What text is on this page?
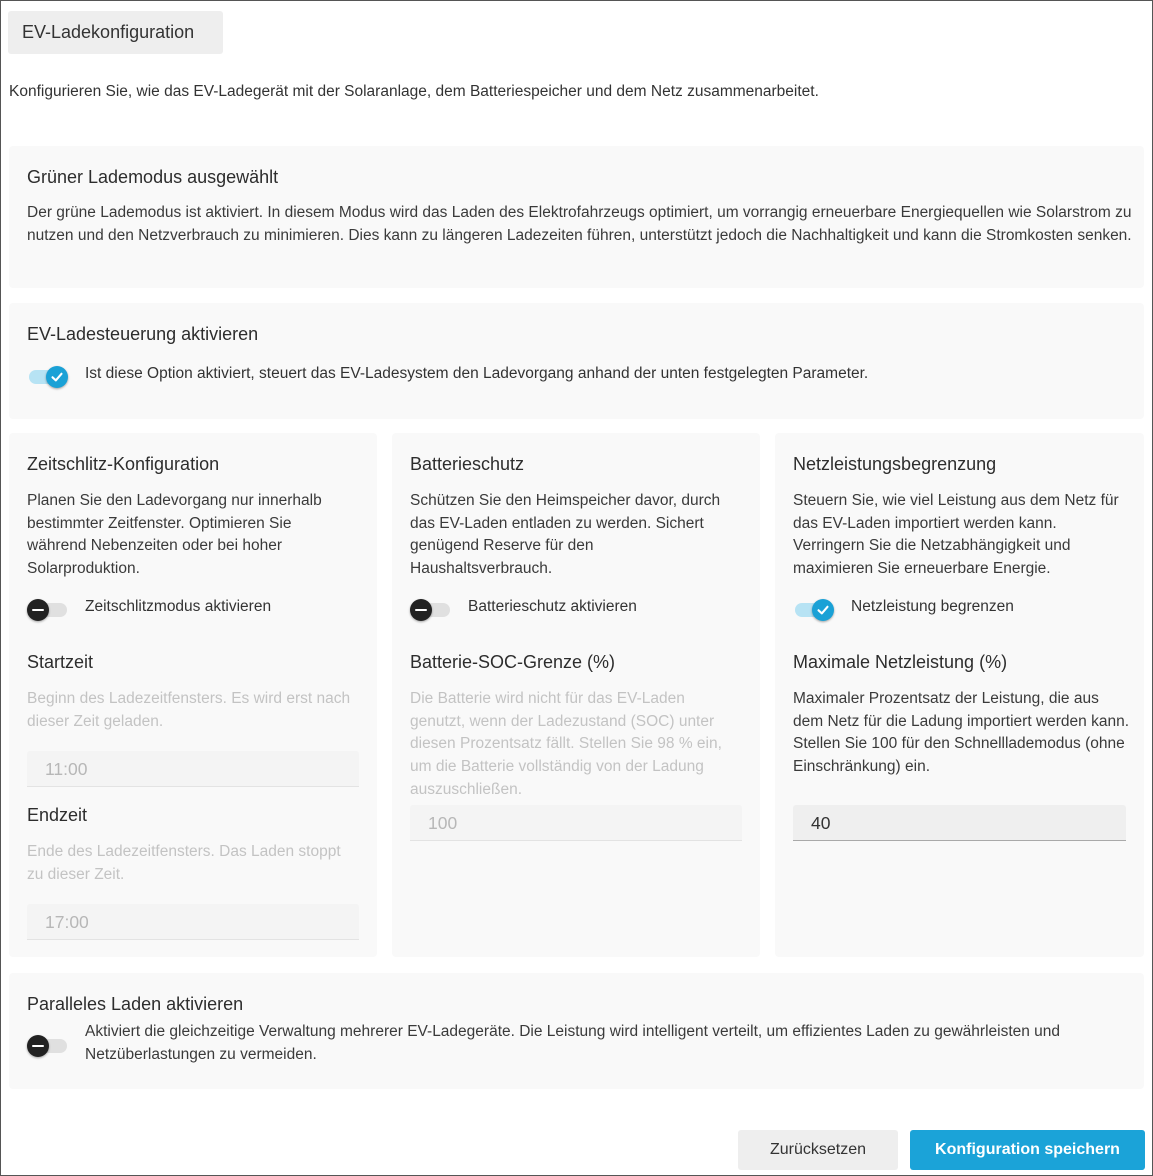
EV-Ladekonfiguration
Konfigurieren Sie, wie das EV-Ladegerät mit der Solaranlage, dem Batteriespeicher und dem Netz zusammenarbeitet.
Grüner Lademodus ausgewählt

Der grüne Lademodus ist aktiviert. In diesem Modus wird das Laden des Elektrofahrzeugs optimiert, um vorrangig erneuerbare Energiequellen wie Solarstrom zu nutzen und den Netzverbrauch zu minimieren. Dies kann zu längeren Ladezeiten führen, unterstützt jedoch die Nachhaltigkeit und kann die Stromkosten senken.

EV-Ladesteuerung aktivieren
Ist diese Option aktiviert, steuert das EV-Ladesystem den Ladevorgang anhand der unten festgelegten Parameter.
Zeitschlitz-Konfiguration

Planen Sie den Ladevorgang nur innerhalb bestimmter Zeitfenster. Optimieren Sie während Nebenzeiten oder bei hoher Solarproduktion.

Zeitschlitzmodus aktivieren
Startzeit

Beginn des Ladezeitfensters. Es wird erst nach dieser Zeit geladen.

11:00
Endzeit

Ende des Ladezeitfensters. Das Laden stoppt zu dieser Zeit.

17:00
Batterieschutz

Schützen Sie den Heimspeicher davor, durch das EV-Laden entladen zu werden. Sichert genügend Reserve für den Haushaltsverbrauch.

Batterieschutz aktivieren
Batterie-SOC-Grenze (%)

Die Batterie wird nicht für das EV-Laden genutzt, wenn der Ladezustand (SOC) unter diesen Prozentsatz fällt. Stellen Sie 98 % ein, um die Batterie vollständig von der Ladung auszuschließen.

100
Netzleistungsbegrenzung

Steuern Sie, wie viel Leistung aus dem Netz für das EV-Laden importiert werden kann. Verringern Sie die Netzabhängigkeit und maximieren Sie erneuerbare Energie.

Netzleistung begrenzen
Maximale Netzleistung (%)

Maximaler Prozentsatz der Leistung, die aus dem Netz für die Ladung importiert werden kann. Stellen Sie 100 für den Schnelllademodus (ohne Einschränkung) ein.

40
Paralleles Laden aktivieren

Aktiviert die gleichzeitige Verwaltung mehrerer EV-Ladegeräte. Die Leistung wird intelligent verteilt, um effizientes Laden zu gewährleisten und Netzüberlastungen zu vermeiden.

Zurücksetzen	Konfiguration speichern
